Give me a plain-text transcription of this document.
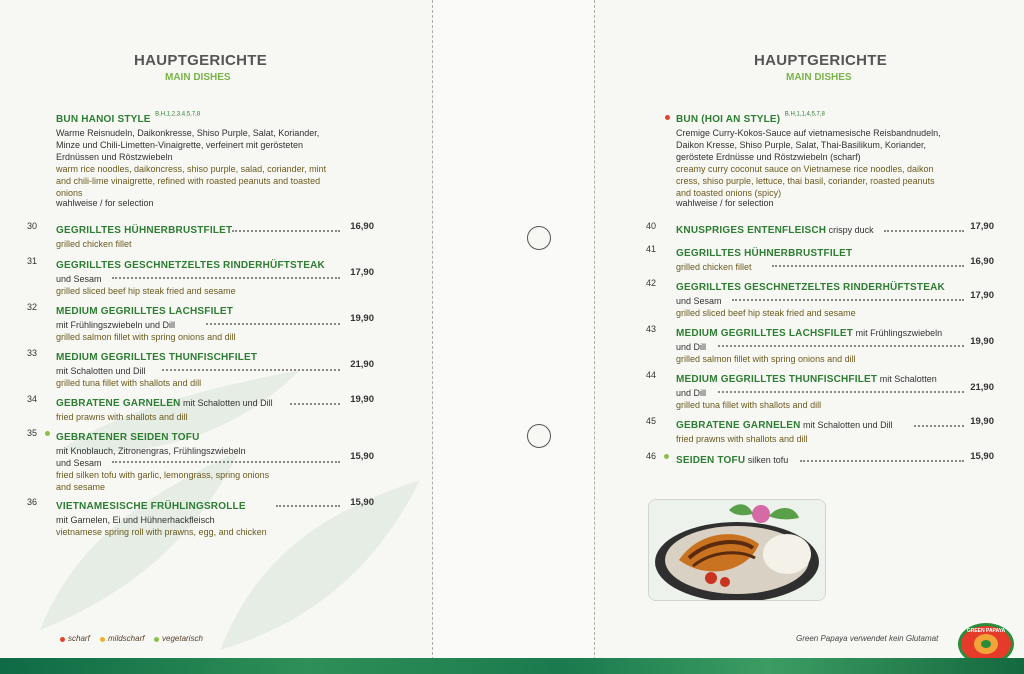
HAUPTGERICHTE
MAIN DISHES
BUN HANOI STYLE $^{B,H,1,2,3,4,5,7,8}$
Warme Reisnudeln, Daikonkresse, Shiso Purple, Salat, Koriander,
Minze und Chili-Limetten-Vinaigrette, verfeinert mit gerösteten
Erdnüssen und Röstzwiebeln
warm rice noodles, daikoncress, shiso purple, salad, coriander, mint
and chili-lime vinaigrette, refined with roasted peanuts and toasted
onions
wahlweise / for selection
30 GEGRILLTES HÜHNERBRUSTFILET
grilled chicken fillet
16,90
31 GEGRILLTES GESCHNETZELTES RINDERHÜFTSTEAK
und Sesam
grilled sliced beef hip steak fried and sesame
17,90
32 MEDIUM GEGRILLTES LACHSFILET
mit Frühlingszwiebeln und Dill
grilled salmon fillet with spring onions and dill
19,90
33 MEDIUM GEGRILLTES THUNFISCHFILET
mit Schalotten und Dill
grilled tuna fillet with shallots and dill
21,90
34 GEBRATENE GARNELEN mit Schalotten und Dill
fried prawns with shallots and dill
19,90
35 GEBRATENER SEIDEN TOFU
mit Knoblauch, Zitronengras, Frühlingszwiebeln
und Sesam
fried silken tofu with garlic, lemongrass, spring onions
and sesame
15,90
36 VIETNAMESISCHE FRÜHLINGSROLLE
mit Garnelen, Ei und Hühnerhackfleisch
vietnamese spring roll with prawns, egg, and chicken
15,90
scharf mildscharf vegetarisch
HAUPTGERICHTE
MAIN DISHES
BUN (HOI AN STYLE) $^{B,H,1,1,4,5,7,8}$
Cremige Curry-Kokos-Sauce auf vietnamesische Reisbandnudeln,
Daikon Kresse, Shiso Purple, Salat, Thai-Basilikum, Koriander,
geröstete Erdnüsse und Röstzwiebeln (scharf)
creamy curry coconut sauce on Vietnamese rice noodles, daikon
cress, shiso purple, lettuce, thai basil, coriander, roasted peanuts
and toasted onions (spicy)
wahlweise / for selection
40 KNUSPRIGES ENTENFLEISCH crispy duck	17,90
41 GEGRILLTES HÜHNERBRUSTFILET
grilled chicken fillet	16,90
42 GEGRILLTES GESCHNETZELTES RINDERHÜFTSTEAK
und Sesam
grilled sliced beef hip steak fried and sesame
17,90
43 MEDIUM GEGRILLTES LACHSFILET mit Frühlingszwiebeln
und Dill
grilled salmon fillet with spring onions and dill
19,90
44 MEDIUM GEGRILLTES THUNFISCHFILET mit Schalotten
und Dill
grilled tuna fillet with shallots and dill
21,90
45 GEBRATENE GARNELEN mit Schalotten und Dill
fried prawns with shallots and dill
19,90
46 SEIDEN TOFU silken tofu	15,90
Green Papaya verwendet kein Glutamat
GREEN PAPAYA
